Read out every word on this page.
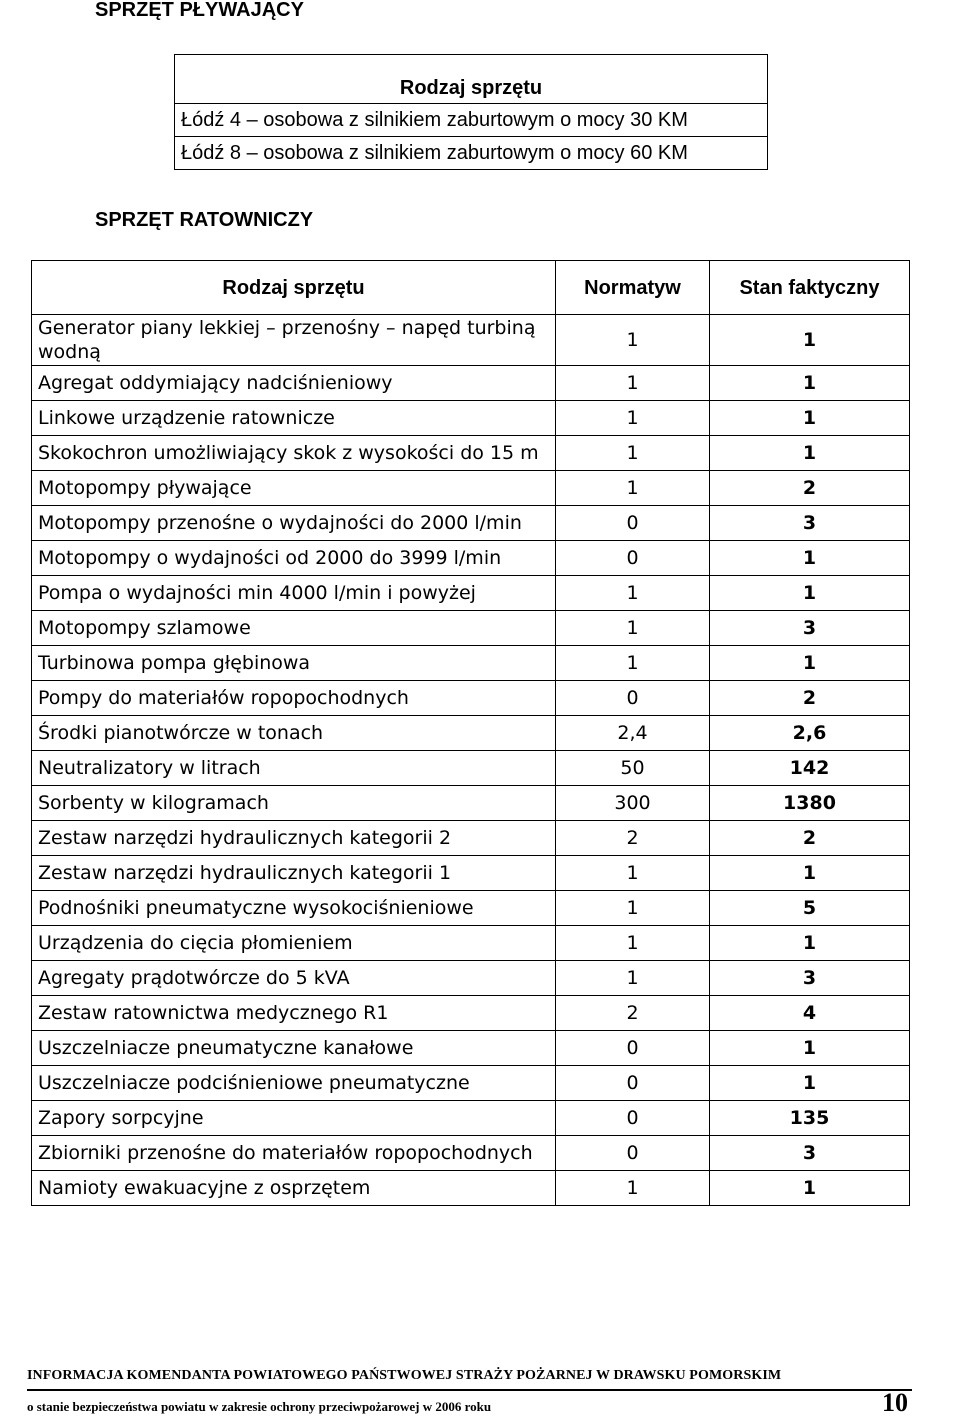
SPRZĘT PŁYWAJĄCY
Rodzaj sprzętu
Łódź 4 – osobowa z silnikiem zaburtowym o mocy 30 KM
Łódź 8 – osobowa z silnikiem zaburtowym o mocy 60 KM
SPRZĘT RATOWNICZY
Rodzaj sprzętu	Normatyw	Stan faktyczny
Generator piany lekkiej – przenośny – napęd turbiną wodną	1	1
Agregat oddymiający nadciśnieniowy	1	1
Linkowe urządzenie ratownicze	1	1
Skokochron umożliwiający skok z wysokości do 15 m	1	1
Motopompy pływające	1	2
Motopompy przenośne o wydajności do 2000 l/min	0	3
Motopompy o wydajności od 2000 do 3999 l/min	0	1
Pompa o wydajności min 4000 l/min i powyżej	1	1
Motopompy szlamowe	1	3
Turbinowa pompa głębinowa	1	1
Pompy do materiałów ropopochodnych	0	2
Środki pianotwórcze w tonach	2,4	2,6
Neutralizatory w litrach	50	142
Sorbenty w kilogramach	300	1380
Zestaw narzędzi hydraulicznych kategorii 2	2	2
Zestaw narzędzi hydraulicznych kategorii 1	1	1
Podnośniki pneumatyczne wysokociśnieniowe	1	5
Urządzenia do cięcia płomieniem	1	1
Agregaty prądotwórcze do 5 kVA	1	3
Zestaw ratownictwa medycznego R1	2	4
Uszczelniacze pneumatyczne kanałowe	0	1
Uszczelniacze podciśnieniowe pneumatyczne	0	1
Zapory sorpcyjne	0	135
Zbiorniki przenośne do materiałów ropopochodnych	0	3
Namioty ewakuacyjne z osprzętem	1	1
INFORMACJA KOMENDANTA POWIATOWEGO PAŃSTWOWEJ STRAŻY POŻARNEJ W DRAWSKU POMORSKIM
o stanie bezpieczeństwa powiatu w zakresie ochrony przeciwpożarowej w 2006 roku	10
